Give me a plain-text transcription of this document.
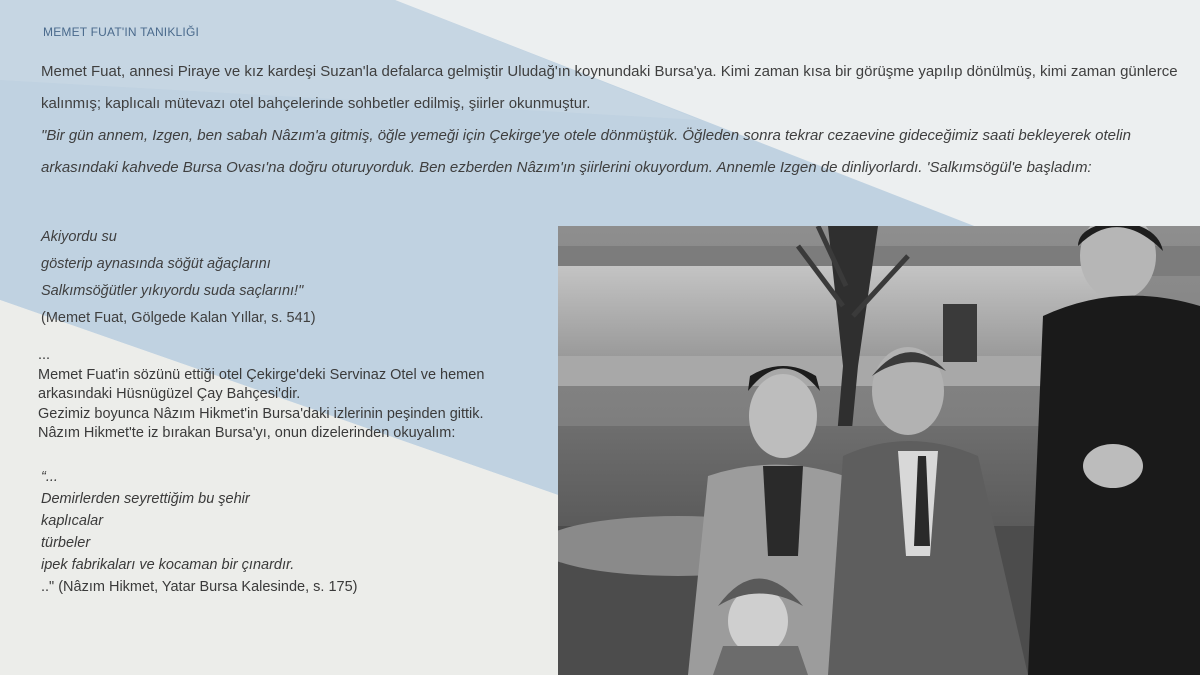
MEMET FUAT'IN TANIKLIĞI

Memet Fuat, annesi Piraye ve kız kardeşi Suzan'la defalarca gelmiştir Uludağ'ın koynundaki Bursa'ya. Kimi zaman kısa bir görüşme yapılıp dönülmüş, kimi zaman günlerce kalınmış; kaplıcalı mütevazı otel bahçelerinde sohbetler edilmiş, şiirler okunmuştur.

"Bir gün annem, Izgen, ben sabah Nâzım'a gitmiş, öğle yemeği için Çekirge'ye otele dönmüştük. Öğleden sonra tekrar cezaevine gideceğimiz saati bekleyerek otelin arkasındaki kahvede Bursa Ovası'na doğru oturuyorduk. Ben ezberden Nâzım'ın şiirlerini okuyordum. Annemle Izgen de dinliyorlardı. 'Salkımsögül'e başladım:

Akiyordu su
gösterip aynasında söğüt ağaçlarını
Salkımsöğütler yıkıyordu suda saçlarını!"
(Memet Fuat, Gölgede Kalan Yıllar, s. 541)
...
Memet Fuat'in sözünü ettiği otel Çekirge'deki Servinaz Otel ve hemen
arkasındaki Hüsnügüzel Çay Bahçesi'dir.
Gezimiz boyunca Nâzım Hikmet'in Bursa'daki izlerinin peşinden gittik.
Nâzım Hikmet'te iz bırakan Bursa'yı, onun dizelerinden okuyalım:
“...
Demirlerden seyrettiğim bu şehir
kaplıcalar
türbeler
ipek fabrikaları ve kocaman bir çınardır.
.." (Nâzım Hikmet, Yatar Bursa Kalesinde, s. 175)
